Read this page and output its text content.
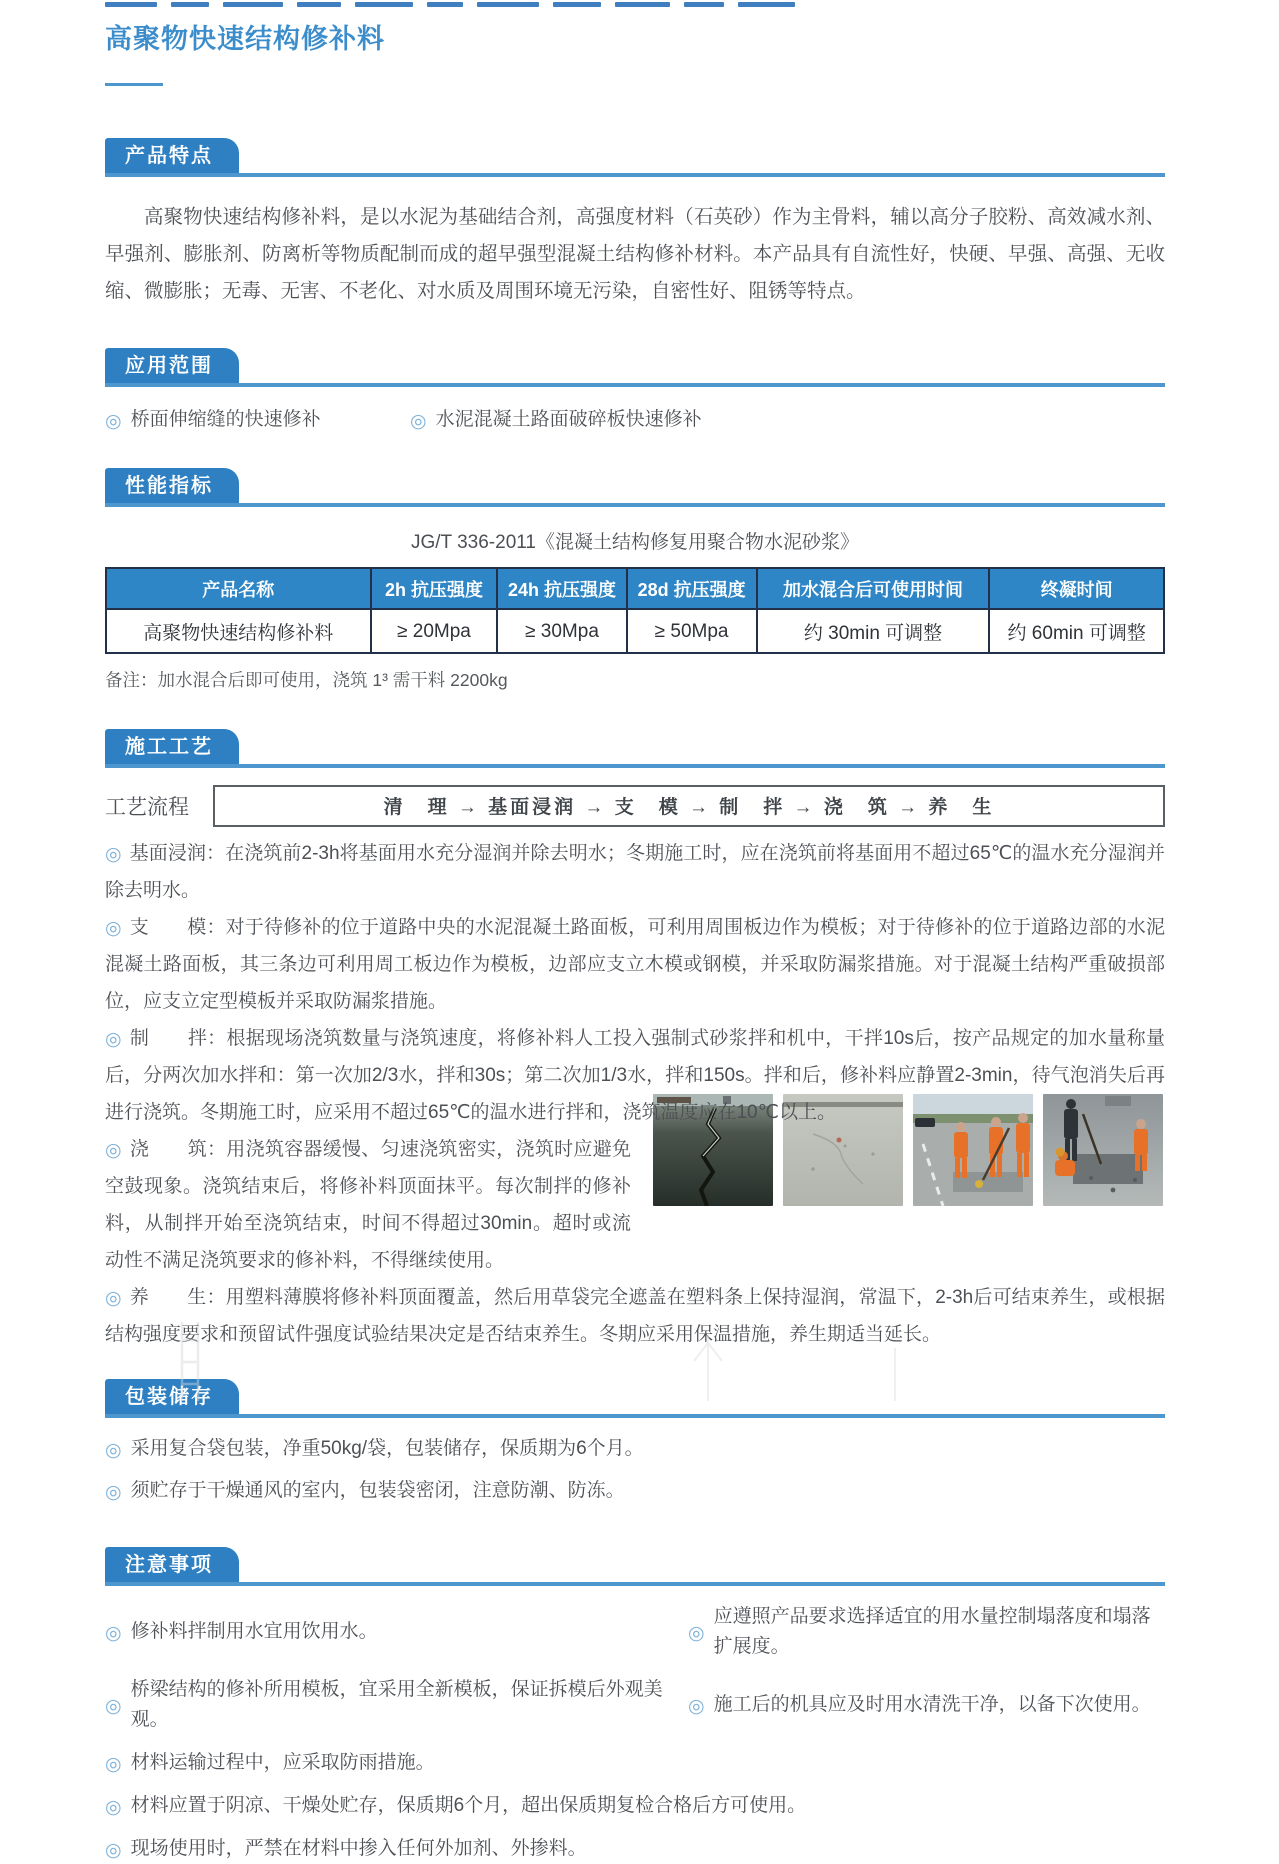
高聚物快速结构修补料
产品特点

高聚物快速结构修补料，是以水泥为基础结合剂，高强度材料（石英砂）作为主骨料，辅以高分子胶粉、高效减水剂、早强剂、膨胀剂、防离析等物质配制而成的超早强型混凝土结构修补材料。本产品具有自流性好，快硬、早强、高强、无收缩、微膨胀；无毒、无害、不老化、对水质及周围环境无污染，自密性好、阻锈等特点。

应用范围
◎ 桥面伸缩缝的快速修补	◎ 水泥混凝土路面破碎板快速修补
性能指标
JG/T 336-2011《混凝土结构修复用聚合物水泥砂浆》
产品名称	2h 抗压强度	24h 抗压强度	28d 抗压强度	加水混合后可使用时间	终凝时间
高聚物快速结构修补料	≥ 20Mpa	≥ 30Mpa	≥ 50Mpa	约 30min 可调整	约 60min 可调整
备注：加水混合后即可使用，浇筑 1³ 需干料 2200kg
施工工艺
工艺流程	清　理 → 基面浸润 → 支　模 → 制　拌 → 浇　筑 → 养　生

◎ 基面浸润：在浇筑前2-3h将基面用水充分湿润并除去明水；冬期施工时，应在浇筑前将基面用不超过65℃的温水充分湿润并除去明水。

◎ 支　　模：对于待修补的位于道路中央的水泥混凝土路面板，可利用周围板边作为模板；对于待修补的位于道路边部的水泥混凝土路面板，其三条边可利用周工板边作为模板，边部应支立木模或钢模，并采取防漏浆措施。对于混凝土结构严重破损部位，应支立定型模板并采取防漏浆措施。

◎ 制　　拌：根据现场浇筑数量与浇筑速度，将修补料人工投入强制式砂浆拌和机中，干拌10s后，按产品规定的加水量称量后，分两次加水拌和：第一次加2/3水，拌和30s；第二次加1/3水，拌和150s。拌和后，修补料应静置2-3min，待气泡消失后再进行浇筑。冬期施工时，应采用不超过65℃的温水进行拌和，浇筑温度应在10℃以上。

◎ 浇　　筑：用浇筑容器缓慢、匀速浇筑密实，浇筑时应避免空鼓现象。浇筑结束后，将修补料顶面抹平。每次制拌的修补料，从制拌开始至浇筑结束，时间不得超过30min。超时或流动性不满足浇筑要求的修补料，不得继续使用。

◎ 养　　生：用塑料薄膜将修补料顶面覆盖，然后用草袋完全遮盖在塑料条上保持湿润，常温下，2-3h后可结束养生，或根据结构强度要求和预留试件强度试验结果决定是否结束养生。冬期应采用保温措施，养生期适当延长。

包装储存
◎ 采用复合袋包装，净重50kg/袋，包装储存，保质期为6个月。
◎ 须贮存于干燥通风的室内，包装袋密闭，注意防潮、防冻。
注意事项
◎ 修补料拌制用水宜用饮用水。	◎
应遵照产品要求选择适宜的用水量控制塌落度和塌落扩展度。
◎
桥梁结构的修补所用模板，宜采用全新模板，保证拆模后外观美观。
◎ 施工后的机具应及时用水清洗干净，以备下次使用。
◎ 材料运输过程中，应采取防雨措施。
◎ 材料应置于阴凉、干燥处贮存，保质期6个月，超出保质期复检合格后方可使用。
◎ 现场使用时，严禁在材料中掺入任何外加剂、外掺料。
